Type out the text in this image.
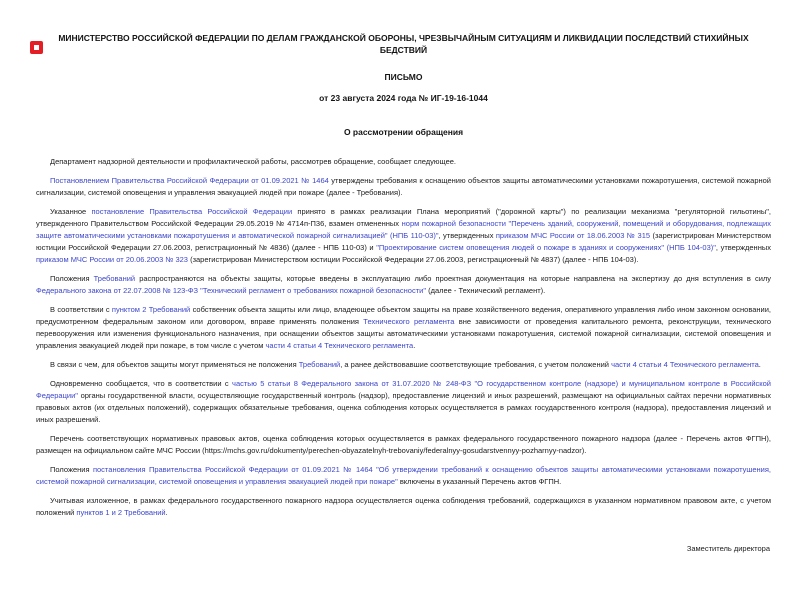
МИНИСТЕРСТВО РОССИЙСКОЙ ФЕДЕРАЦИИ ПО ДЕЛАМ ГРАЖДАНСКОЙ ОБОРОНЫ, ЧРЕЗВЫЧАЙНЫМ СИТУАЦИЯМ И ЛИКВИДАЦИИ ПОСЛЕДСТВИЙ СТИХИЙНЫХ БЕДСТВИЙ
ПИСЬМО
от 23 августа 2024 года № ИГ-19-16-1044
О рассмотрении обращения

Департамент надзорной деятельности и профилактической работы, рассмотрев обращение, сообщает следующее.

Постановлением Правительства Российской Федерации от 01.09.2021 № 1464 утверждены требования к оснащению объектов защиты автоматическими установками пожаротушения, системой пожарной сигнализации, системой оповещения и управления эвакуацией людей при пожаре (далее - Требования).

Указанное постановление Правительства Российской Федерации принято в рамках реализации Плана мероприятий ("дорожной карты") по реализации механизма "регуляторной гильотины", утвержденного Правительством Российской Федерации 29.05.2019 № 4714п-П36, взамен отмененных норм пожарной безопасности "Перечень зданий, сооружений, помещений и оборудования, подлежащих защите автоматическими установками пожаротушения и автоматической пожарной сигнализацией" (НПБ 110-03)", утвержденных приказом МЧС России от 18.06.2003 № 315 (зарегистрирован Министерством юстиции Российской Федерации 27.06.2003, регистрационный № 4836) (далее - НПБ 110-03) и "Проектирование систем оповещения людей о пожаре в зданиях и сооружениях" (НПБ 104-03)", утвержденных приказом МЧС России от 20.06.2003 № 323 (зарегистрирован Министерством юстиции Российской Федерации 27.06.2003, регистрационный № 4837) (далее - НПБ 104-03).

Положения Требований распространяются на объекты защиты, которые введены в эксплуатацию либо проектная документация на которые направлена на экспертизу до дня вступления в силу Федерального закона от 22.07.2008 № 123-ФЗ "Технический регламент о требованиях пожарной безопасности" (далее - Технический регламент).

В соответствии с пунктом 2 Требований собственник объекта защиты или лицо, владеющее объектом защиты на праве хозяйственного ведения, оперативного управления либо ином законном основании, предусмотренном федеральным законом или договором, вправе применять положения Технического регламента вне зависимости от проведения капитального ремонта, реконструкции, технического перевооружения или изменения функционального назначения, при оснащении объектов защиты автоматическими установками пожаротушения, системой пожарной сигнализации, системой оповещения и управления эвакуацией людей при пожаре, в том числе с учетом части 4 статьи 4 Технического регламента.

В связи с чем, для объектов защиты могут применяться не положения Требований, а ранее действовавшие соответствующие требования, с учетом положений части 4 статьи 4 Технического регламента.

Одновременно сообщается, что в соответствии с частью 5 статьи 8 Федерального закона от 31.07.2020 № 248-ФЗ "О государственном контроле (надзоре) и муниципальном контроле в Российской Федерации" органы государственной власти, осуществляющие государственный контроль (надзор), предоставление лицензий и иных разрешений, размещают на официальных сайтах перечни нормативных правовых актов (их отдельных положений), содержащих обязательные требования, оценка соблюдения которых осуществляется в рамках государственного контроля (надзора), предоставления лицензий и иных разрешений.

Перечень соответствующих нормативных правовых актов, оценка соблюдения которых осуществляется в рамках федерального государственного пожарного надзора (далее - Перечень актов ФГПН), размещен на официальном сайте МЧС России (https://mchs.gov.ru/dokumenty/perechen-obyazatelnyh-trebovaniy/federalnyy-gosudarstvennyy-pozharnyy-nadzor).

Положения постановления Правительства Российской Федерации от 01.09.2021 № 1464 "Об утверждении требований к оснащению объектов защиты автоматическими установками пожаротушения, системой пожарной сигнализации, системой оповещения и управления эвакуацией людей при пожаре" включены в указанный Перечень актов ФГПН.

Учитывая изложенное, в рамках федерального государственного пожарного надзора осуществляется оценка соблюдения требований, содержащихся в указанном нормативном правовом акте, с учетом положений пунктов 1 и 2 Требований.

Заместитель директора
